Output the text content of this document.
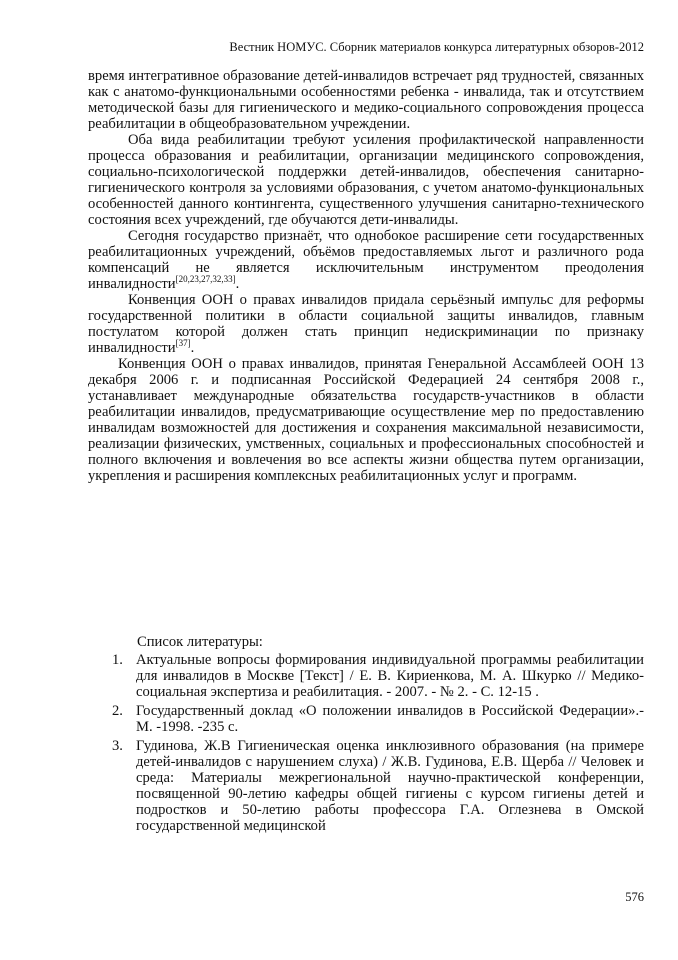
Вестник НОМУС. Сборник материалов конкурса литературных обзоров-2012

время интегративное образование детей-инвалидов встречает ряд трудностей, связанных как с анатомо-функциональными особенностями ребенка - инвалида, так и отсутствием методической базы для гигиенического и медико-социального сопровождения процесса реабилитации в общеобразовательном учреждении.

Оба вида реабилитации требуют усиления профилактической направленности процесса образования и реабилитации, организации медицинского сопровождения, социально-психологической поддержки детей-инвалидов, обеспечения санитарно-гигиенического контроля за условиями образования, с учетом анатомо-функциональных особенностей данного контингента, существенного улучшения санитарно-технического состояния всех учреждений, где обучаются дети-инвалиды.

Сегодня государство признаёт, что однобокое расширение сети государственных реабилитационных учреждений, объёмов предоставляемых льгот и различного рода компенсаций не является исключительным инструментом преодоления инвалидности[20,23,27,32,33].

Конвенция ООН о правах инвалидов придала серьёзный импульс для реформы государственной политики в области социальной защиты инвалидов, главным постулатом которой должен стать принцип недискриминации по признаку инвалидности[37].

Конвенция ООН о правах инвалидов, принятая Генеральной Ассамблеей ООН 13 декабря 2006 г. и подписанная Российской Федерацией 24 сентября 2008 г., устанавливает международные обязательства государств-участников в области реабилитации инвалидов, предусматривающие осуществление мер по предоставлению инвалидам возможностей для достижения и сохранения максимальной независимости, реализации физических, умственных, социальных и профессиональных способностей и полного включения и вовлечения во все аспекты жизни общества путем организации, укрепления и расширения комплексных реабилитационных услуг и программ.

Список литературы:
1. Актуальные вопросы формирования индивидуальной программы реабилитации для инвалидов в Москве [Текст] / Е. В. Кириенкова, М. А. Шкурко // Медико-социальная экспертиза и реабилитация. - 2007. - № 2. - С. 12-15 .
2. Государственный доклад «О положении инвалидов в Российской Федерации».- М. -1998. -235 с.
3. Гудинова, Ж.В Гигиеническая оценка инклюзивного образования (на примере детей-инвалидов с нарушением слуха) / Ж.В. Гудинова, Е.В. Щерба // Человек и среда: Материалы межрегиональной научно-практической конференции, посвященной 90-летию кафедры общей гигиены с курсом гигиены детей и подростков и 50-летию работы профессора Г.А. Оглезнева в Омской государственной медицинской
576
